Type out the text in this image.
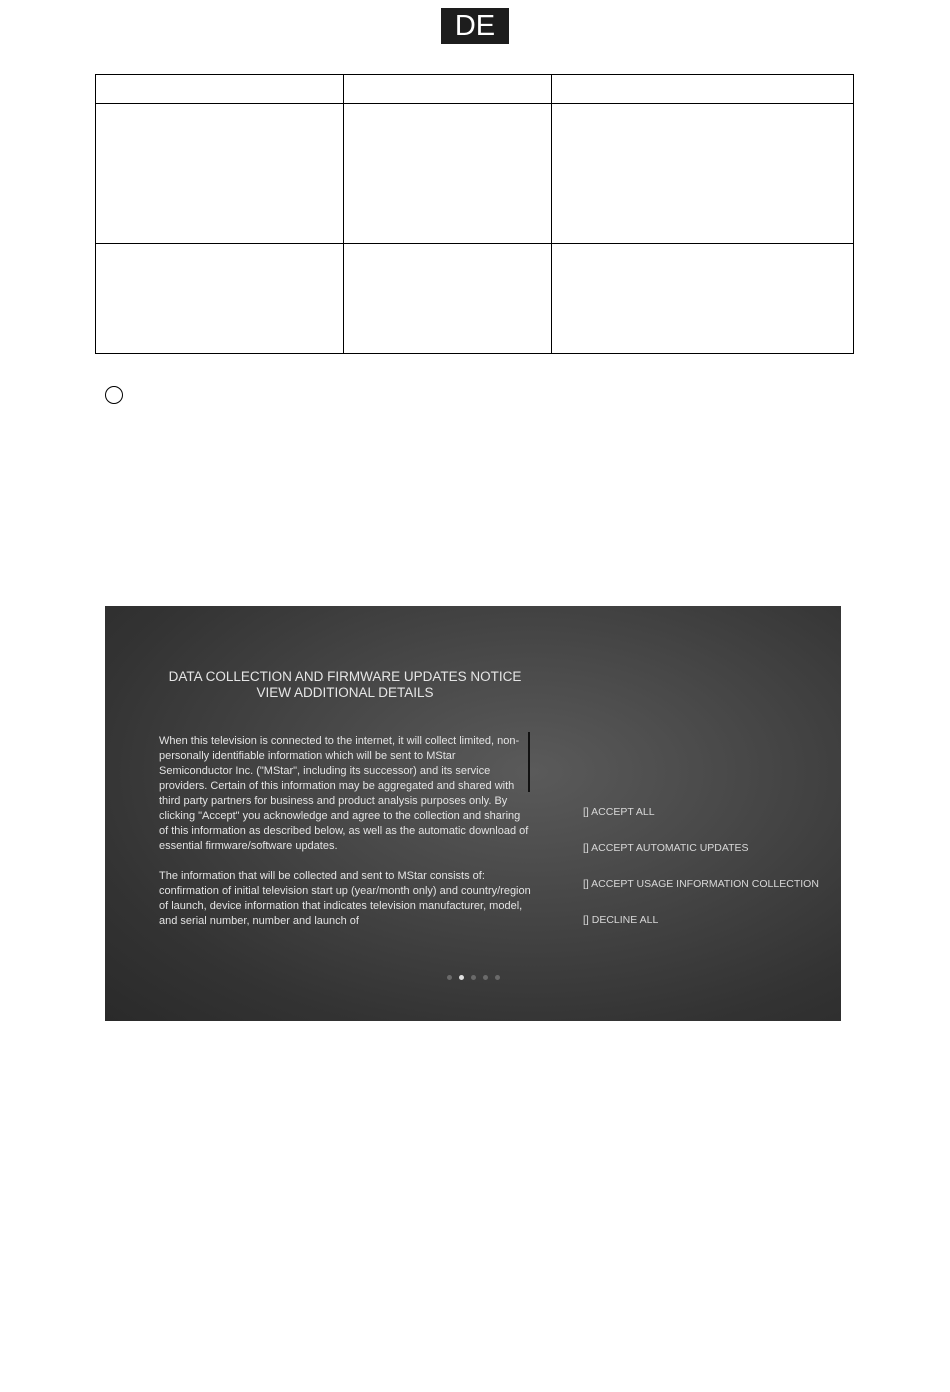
DE
DATA COLLECTION AND FIRMWARE UPDATES NOTICE
VIEW ADDITIONAL DETAILS

When this television is connected to the internet, it will collect limited, non-personally identifiable information which will be sent to MStar Semiconductor Inc. ("MStar", including its successor) and its service providers. Certain of this information may be aggregated and shared with third party partners for business and product analysis purposes only. By clicking "Accept" you acknowledge and agree to the collection and sharing of this information as described below, as well as the automatic download of essential firmware/software updates.

The information that will be collected and sent to MStar consists of: confirmation of initial television start up (year/month only) and country/region of launch, device information that indicates television manufacturer, model, and serial number, number and launch of

[] ACCEPT ALL
[] ACCEPT AUTOMATIC UPDATES
[] ACCEPT USAGE INFORMATION COLLECTION
[] DECLINE ALL
